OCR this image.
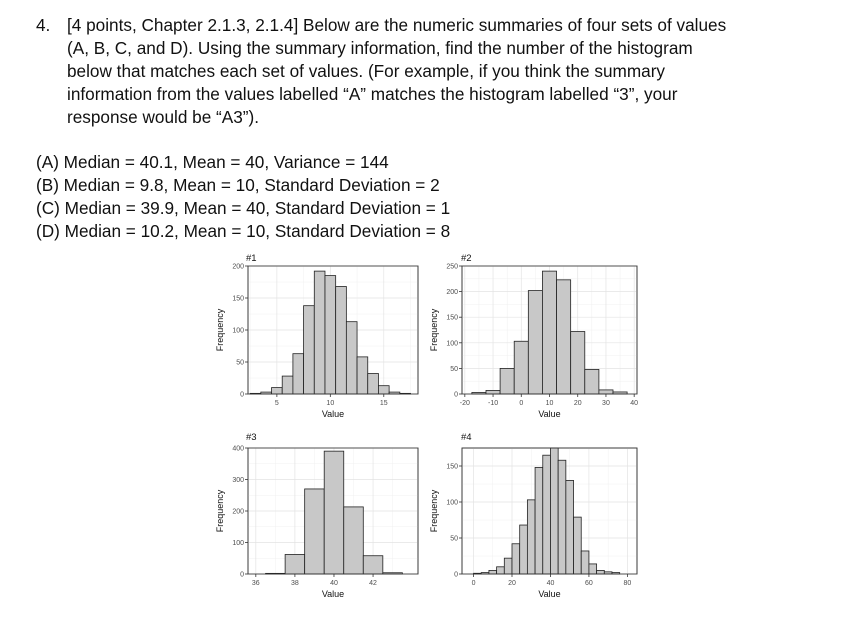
4. [4 points, Chapter 2.1.3, 2.1.4] Below are the numeric summaries of four sets of values
(A, B, C, and D). Using the summary information, find the number of the histogram
below that matches each set of values. (For example, if you think the summary
information from the values labelled “A” matches the histogram labelled “3”, your
response would be “A3”).
(A) Median = 40.1, Mean = 40, Variance = 144
(B) Median = 9.8, Mean = 10, Standard Deviation = 2
(C) Median = 39.9, Mean = 40, Standard Deviation = 1
(D) Median = 10.2, Mean = 10, Standard Deviation = 8
0
50
100
150
200
5	10	15
#1
Value
Frequency
0
50
100
150
200
250
-20	-10	0	10	20	30	40
#2
Value
Frequency
0
100
200
300
400
36	38	40	42
#3
Value
Frequency
0
50
100
150
0	20	40	60	80
#4
Value
Frequency
